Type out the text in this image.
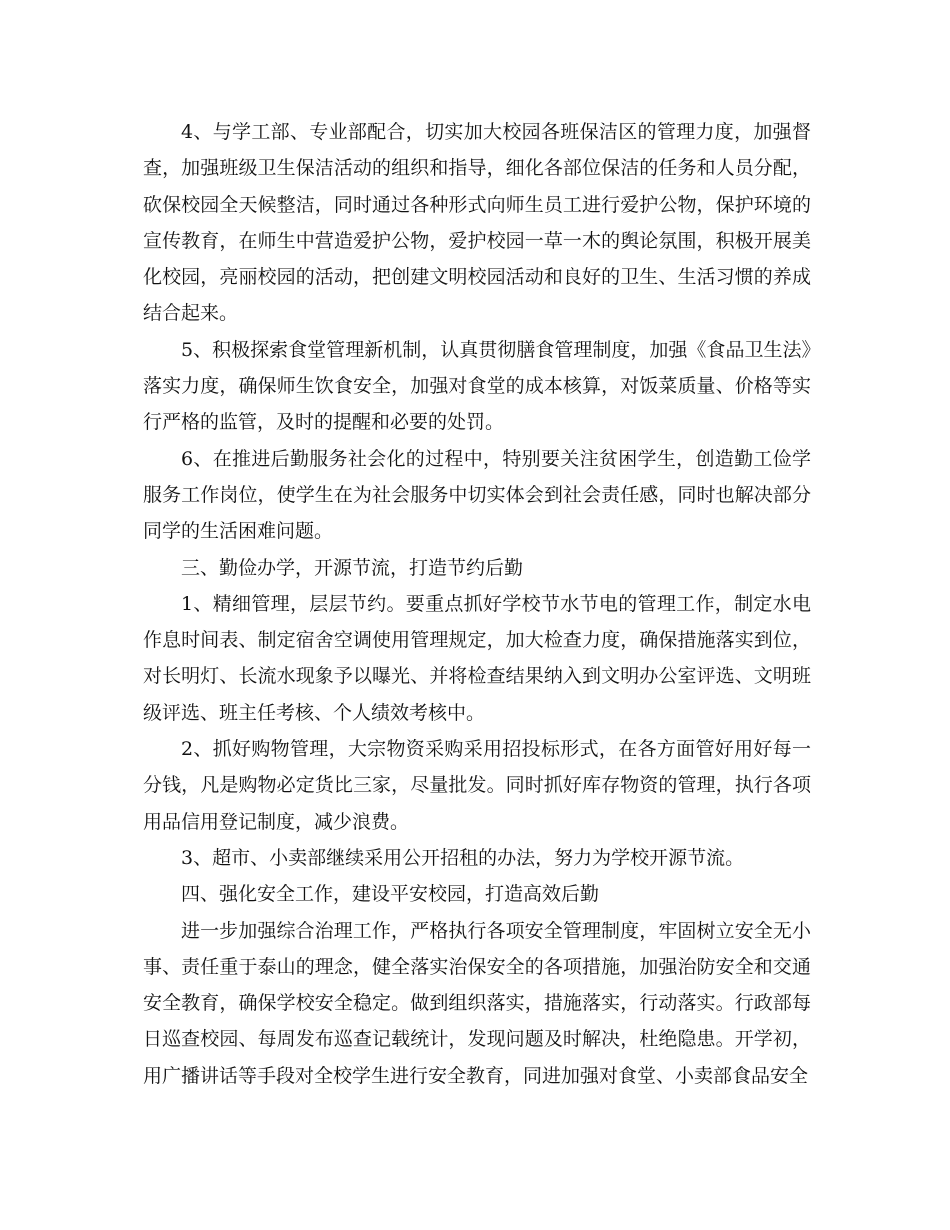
4、与学工部、专业部配合，切实加大校园各班保洁区的管理力度，加强督查，加强班级卫生保洁活动的组织和指导，细化各部位保洁的任务和人员分配，砍保校园全天候整洁，同时通过各种形式向师生员工进行爱护公物，保护环境的宣传教育，在师生中营造爱护公物，爱护校园一草一木的舆论氛围，积极开展美化校园，亮丽校园的活动，把创建文明校园活动和良好的卫生、生活习惯的养成结合起来。

5、积极探索食堂管理新机制，认真贯彻膳食管理制度，加强《食品卫生法》落实力度，确保师生饮食安全，加强对食堂的成本核算，对饭菜质量、价格等实行严格的监管，及时的提醒和必要的处罚。

6、在推进后勤服务社会化的过程中，特别要关注贫困学生，创造勤工俭学服务工作岗位，使学生在为社会服务中切实体会到社会责任感，同时也解决部分同学的生活困难问题。

三、勤俭办学，开源节流，打造节约后勤

1、精细管理，层层节约。要重点抓好学校节水节电的管理工作，制定水电作息时间表、制定宿舍空调使用管理规定，加大检查力度，确保措施落实到位，对长明灯、长流水现象予以曝光、并将检查结果纳入到文明办公室评选、文明班级评选、班主任考核、个人绩效考核中。

2、抓好购物管理，大宗物资采购采用招投标形式，在各方面管好用好每一分钱，凡是购物必定货比三家，尽量批发。同时抓好库存物资的管理，执行各项用品信用登记制度，减少浪费。

3、超市、小卖部继续采用公开招租的办法，努力为学校开源节流。

四、强化安全工作，建设平安校园，打造高效后勤

进一步加强综合治理工作，严格执行各项安全管理制度，牢固树立安全无小事、责任重于泰山的理念，健全落实治保安全的各项措施，加强治防安全和交通安全教育，确保学校安全稳定。做到组织落实，措施落实，行动落实。行政部每日巡查校园、每周发布巡查记载统计，发现问题及时解决，杜绝隐患。开学初，用广播讲话等手段对全校学生进行安全教育，同进加强对食堂、小卖部食品安全
